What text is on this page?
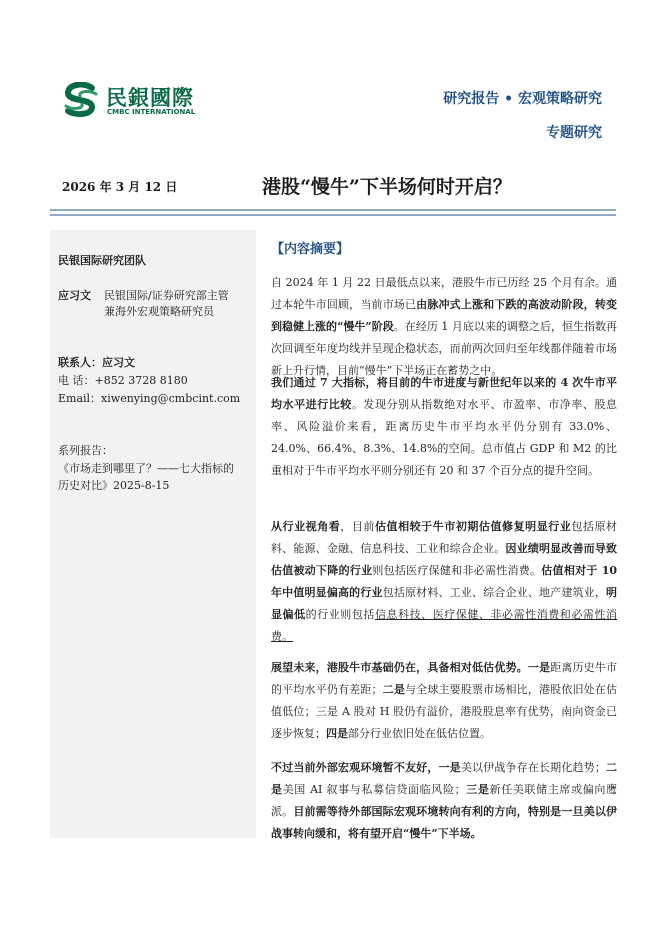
民銀國際
CMBC INTERNATIONAL
研究报告 • 宏观策略研究
专题研究
2026 年 3 月 12 日	港股“慢牛”下半场何时开启？
民银国际研究团队
应习文 民银国际/证券研究部主管
兼海外宏观策略研究员
联系人：应习文
电 话：+852 3728 8180
Email：xiwenying@cmbcint.com
系列报告：
《市场走到哪里了？——七大指标的
历史对比》2025-8-15
【内容摘要】

自 2024 年 1 月 22 日最低点以来，港股牛市已历经 25 个月有余。通过本轮牛市回顾，当前市场已由脉冲式上涨和下跌的高波动阶段，转变到稳健上涨的“慢牛”阶段。在经历 1 月底以来的调整之后，恒生指数再次回调至年度均线并呈现企稳状态，而前两次回归至年线都伴随着市场新上升行情，目前“慢牛”下半场正在蓄势之中。

我们通过 7 大指标，将目前的牛市进度与新世纪年以来的 4 次牛市平均水平进行比较。发现分别从指数绝对水平、市盈率、市净率、股息率、风险溢价来看，距离历史牛市平均水平仍分别有 33.0%、24.0%、66.4%、8.3%、14.8%的空间。总市值占 GDP 和 M2 的比重相对于牛市平均水平则分别还有 20 和 37 个百分点的提升空间。

从行业视角看，目前估值相较于牛市初期估值修复明显行业包括原材料、能源、金融、信息科技、工业和综合企业。因业绩明显改善而导致估值被动下降的行业则包括医疗保健和非必需性消费。估值相对于 10 年中值明显偏高的行业包括原材料、工业、综合企业、地产建筑业，明显偏低的行业则包括信息科技、医疗保健、非必需性消费和必需性消费。

展望未来，港股牛市基础仍在，具备相对低估优势。一是距离历史牛市的平均水平仍有差距；二是与全球主要股票市场相比，港股依旧处在估值低位；三是 A 股对 H 股仍有溢价，港股股息率有优势，南向资金已逐步恢复；四是部分行业依旧处在低估位置。

不过当前外部宏观环境暂不友好，一是美以伊战争存在长期化趋势；二是美国 AI 叙事与私募信贷面临风险；三是新任美联储主席或偏向鹰派。目前需等待外部国际宏观环境转向有利的方向，特别是一旦美以伊战事转向缓和，将有望开启“慢牛”下半场。
